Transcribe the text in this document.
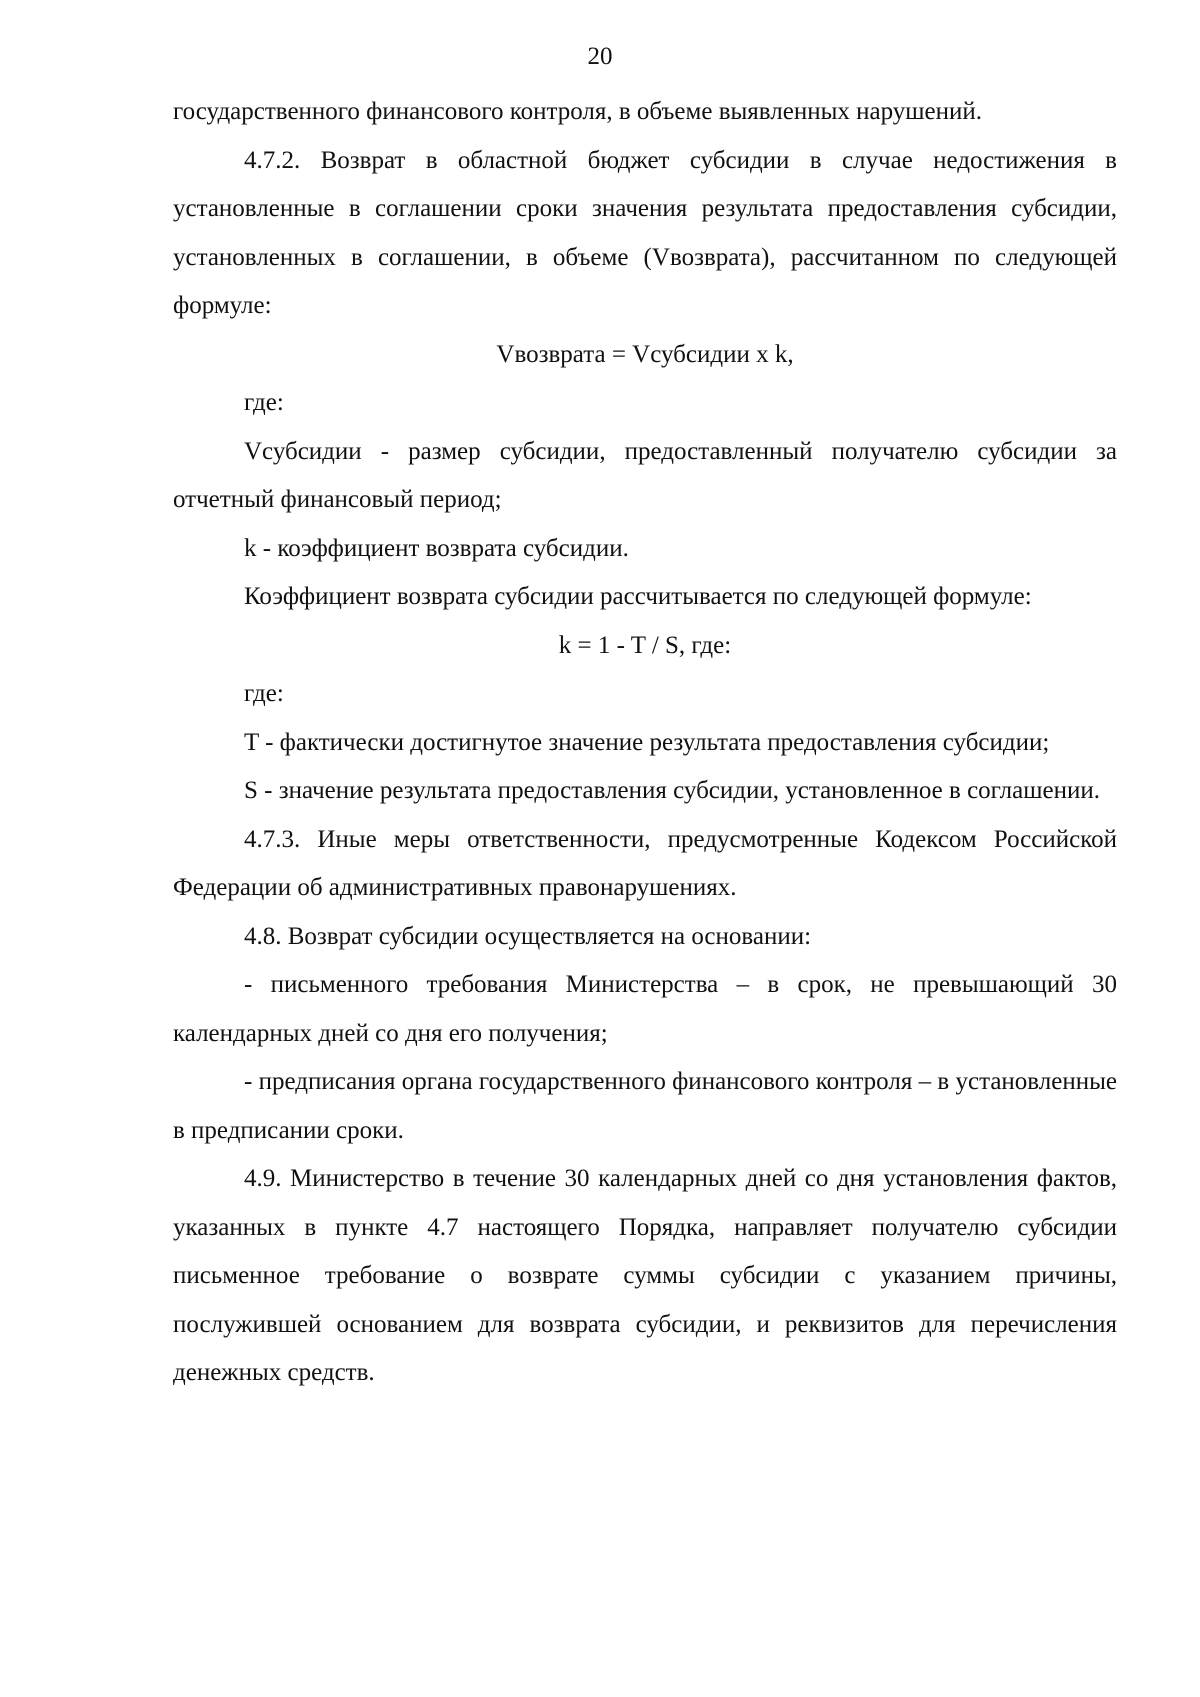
20

государственного финансового контроля, в объеме выявленных нарушений.

4.7.2. Возврат в областной бюджет субсидии в случае недостижения в установленные в соглашении сроки значения результата предоставления субсидии, установленных в соглашении, в объеме (Vвозврата), рассчитанном по следующей формуле:

Vвозврата = Vсубсидии x k,

где:

Vсубсидии - размер субсидии, предоставленный получателю субсидии за отчетный финансовый период;

k - коэффициент возврата субсидии.

Коэффициент возврата субсидии рассчитывается по следующей формуле:

k = 1 - T / S, где:

где:

T - фактически достигнутое значение результата предоставления субсидии;

S - значение результата предоставления субсидии, установленное в соглашении.

4.7.3. Иные меры ответственности, предусмотренные Кодексом Российской Федерации об административных правонарушениях.

4.8. Возврат субсидии осуществляется на основании:

- письменного требования Министерства – в срок, не превышающий 30 календарных дней со дня его получения;

- предписания органа государственного финансового контроля – в установленные в предписании сроки.

4.9. Министерство в течение 30 календарных дней со дня установления фактов, указанных в пункте 4.7 настоящего Порядка, направляет получателю субсидии письменное требование о возврате суммы субсидии с указанием причины, послужившей основанием для возврата субсидии, и реквизитов для перечисления денежных средств.
